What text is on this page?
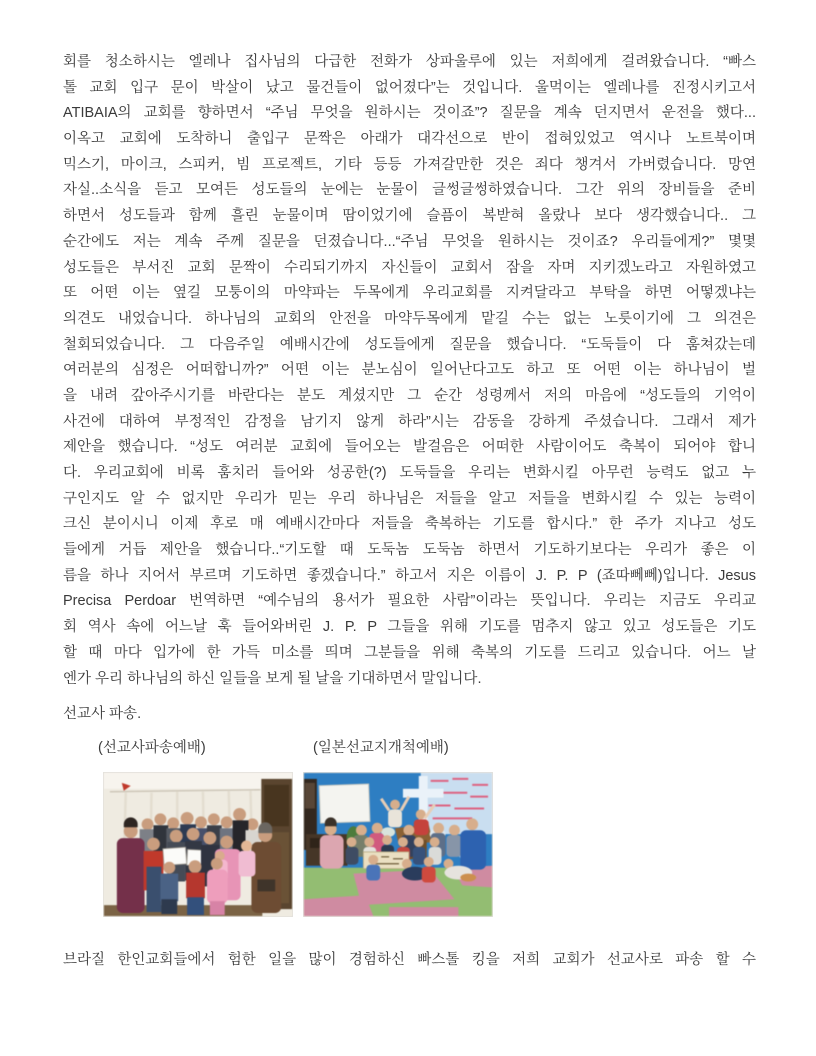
회를 청소하시는 엘레나 집사님의 다급한 전화가 상파울루에 있는 저희에게 걸려왔습니다. “빠스
톨 교회 입구 문이 박살이 났고 물건들이 없어졌다”는 것입니다. 울먹이는 엘레나를 진정시키고서
ATIBAIA의 교회를 향하면서 “주님 무엇을 원하시는 것이죠”? 질문을 계속 던지면서 운전을 했다...
이옥고 교회에 도착하니 출입구 문짝은 아래가 대각선으로 반이 접혀있었고 역시나 노트북이며
믹스기, 마이크, 스피커, 빔 프로젝트, 기타 등등 가져갈만한 것은 죄다 챙겨서 가버렸습니다. 망연
자실..소식을 듣고 모여든 성도들의 눈에는 눈물이 글썽글썽하였습니다. 그간 위의 장비들을 준비
하면서 성도들과 함께 흘린 눈물이며 땀이었기에 슬픔이 복받혀 올랐나 보다 생각했습니다.. 그
순간에도 저는 계속 주께 질문을 던졌습니다...“주님 무엇을 원하시는 것이죠? 우리들에게?” 몇몇
성도들은 부서진 교회 문짝이 수리되기까지 자신들이 교회서 잠을 자며 지키겠노라고 자원하였고
또 어떤 이는 옆길 모퉁이의 마약파는 두목에게 우리교회를 지켜달라고 부탁을 하면 어떻겠냐는
의견도 내었습니다. 하나님의 교회의 안전을 마약두목에게 맡길 수는 없는 노릇이기에 그 의견은
철회되었습니다. 그 다음주일 예배시간에 성도들에게 질문을 했습니다. “도둑들이 다 훔쳐갔는데
여러분의 심정은 어떠합니까?” 어떤 이는 분노심이 일어난다고도 하고 또 어떤 이는 하나님이 벌
을 내려 갚아주시기를 바란다는 분도 계셨지만 그 순간 성령께서 저의 마음에 “성도들의 기억이
사건에 대하여 부정적인 감정을 남기지 않게 하라”시는 감동을 강하게 주셨습니다. 그래서 제가
제안을 했습니다. “성도 여러분 교회에 들어오는 발걸음은 어떠한 사람이어도 축복이 되어야 합니
다. 우리교회에 비록 훔치러 들어와 성공한(?) 도둑들을 우리는 변화시킬 아무런 능력도 없고 누
구인지도 알 수 없지만 우리가 믿는 우리 하나님은 저들을 알고 저들을 변화시킬 수 있는 능력이
크신 분이시니 이제 후로 매 예배시간마다 저들을 축복하는 기도를 합시다.” 한 주가 지나고 성도
들에게 거듭 제안을 했습니다..“기도할 때 도둑놈 도둑놈 하면서 기도하기보다는 우리가 좋은 이
름을 하나 지어서 부르며 기도하면 좋겠습니다.” 하고서 지은 이름이 J. P. P (죠따뻬뻬)입니다. Jesus
Precisa Perdoar 번역하면 “예수님의 용서가 필요한 사람”이라는 뜻입니다. 우리는 지금도 우리교
회 역사 속에 어느날 훅 들어와버린 J. P. P 그들을 위해 기도를 멈추지 않고 있고 성도들은 기도
할 때 마다 입가에 한 가득 미소를 띄며 그분들을 위해 축복의 기도를 드리고 있습니다. 어느 날
엔가 우리 하나님의 하신 일들을 보게 될 날을 기대하면서 말입니다.
선교사 파송.
(선교사파송예배)	(일본선교지개척예배)
브라질 한인교회들에서 험한 일을 많이 경험하신 빠스톨 킹을 저희 교회가 선교사로 파송 할 수
